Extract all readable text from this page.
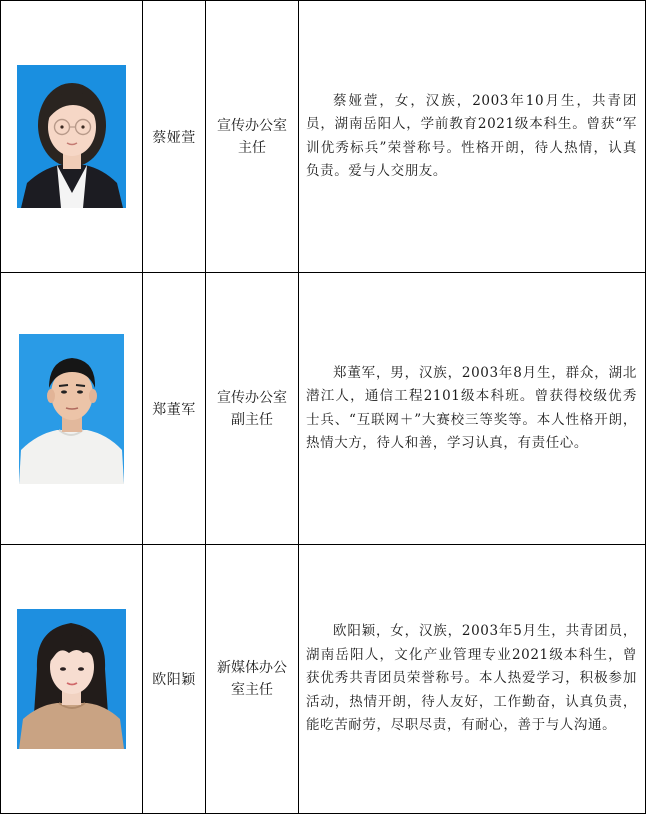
蔡娅萱	宣传办公室主任	蔡娅萱，女，汉族，2003年10月生，共青团员，湖南岳阳人，学前教育2021级本科生。曾获“军训优秀标兵”荣誉称号。性格开朗，待人热情，认真负责。爱与人交朋友。

郑董军	宣传办公室副主任	郑董军，男，汉族，2003年8月生，群众，湖北潜江人，通信工程2101级本科班。曾获得校级优秀士兵、“互联网＋”大赛校三等奖等。本人性格开朗，热情大方，待人和善，学习认真，有责任心。

欧阳颖	新媒体办公室主任	欧阳颖，女，汉族，2003年5月生，共青团员，湖南岳阳人，文化产业管理专业2021级本科生，曾获优秀共青团员荣誉称号。本人热爱学习，积极参加活动，热情开朗，待人友好，工作勤奋，认真负责，能吃苦耐劳，尽职尽责，有耐心，善于与人沟通。
